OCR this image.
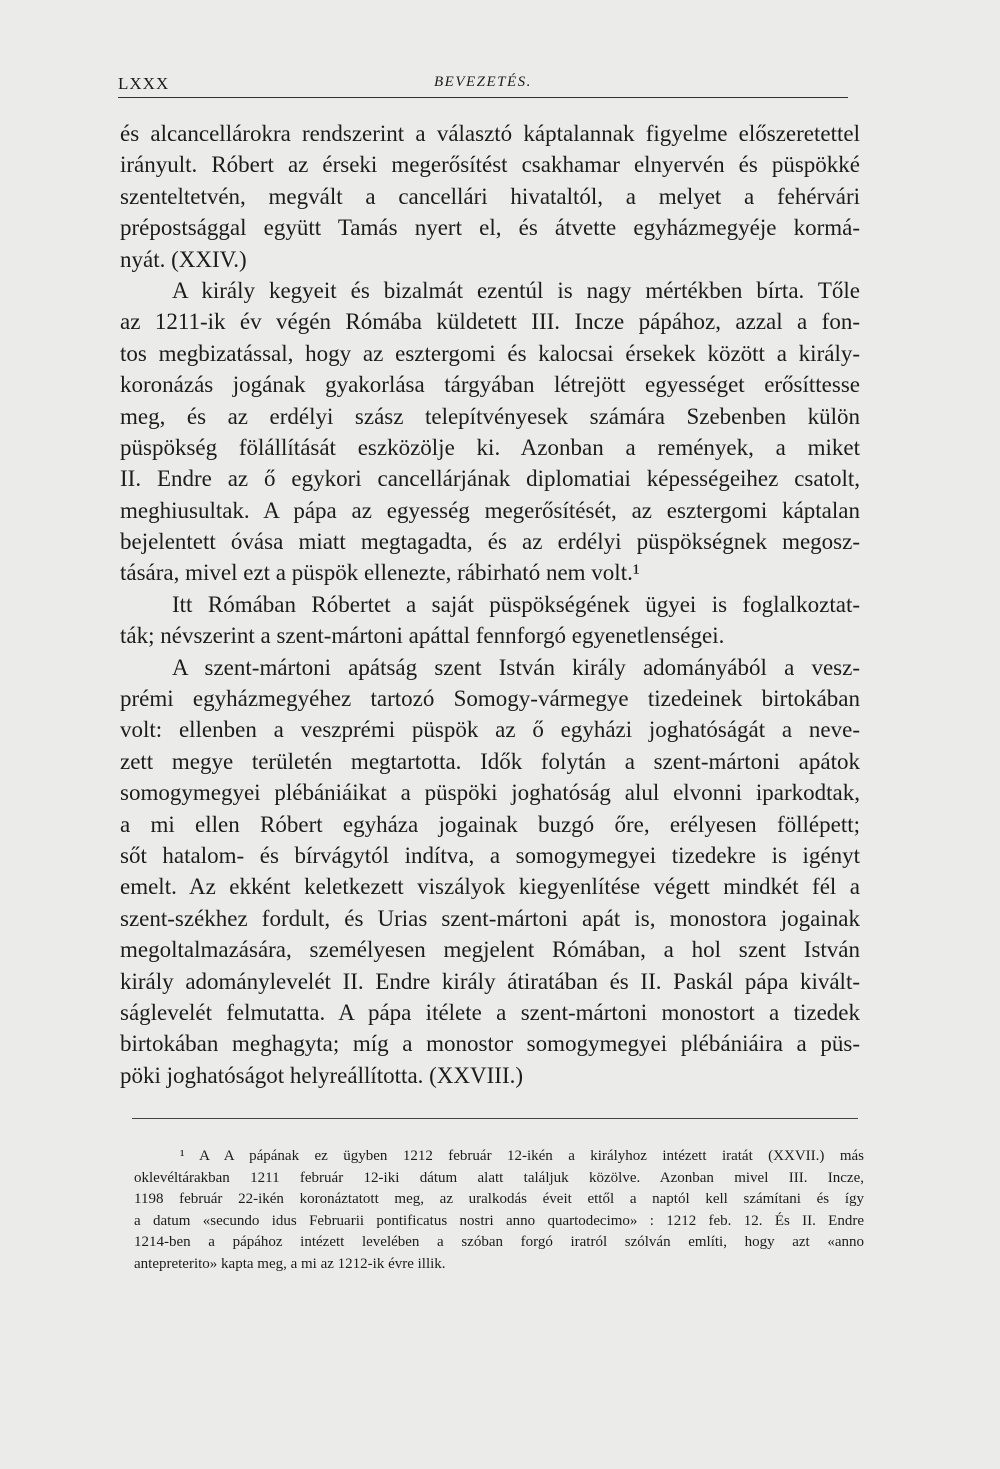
LXXX	BEVEZETÉS.
és alcancellárokra rendszerint a választó káptalannak figyelme előszeretettel
irányult. Róbert az érseki megerősítést csakhamar elnyervén és püspökké
szenteltetvén, megvált a cancellári hivataltól, a melyet a fehérvári
prépostsággal együtt Tamás nyert el, és átvette egyházmegyéje kormá-
nyát. (XXIV.)
A király kegyeit és bizalmát ezentúl is nagy mértékben bírta. Tőle
az 1211-ik év végén Rómába küldetett III. Incze pápához, azzal a fon-
tos megbizatással, hogy az esztergomi és kalocsai érsekek között a király-
koronázás jogának gyakorlása tárgyában létrejött egyességet erősíttesse
meg, és az erdélyi szász telepítvényesek számára Szebenben külön
püspökség fölállítását eszközölje ki. Azonban a remények, a miket
II. Endre az ő egykori cancellárjának diplomatiai képességeihez csatolt,
meghiusultak. A pápa az egyesség megerősítését, az esztergomi káptalan
bejelentett óvása miatt megtagadta, és az erdélyi püspökségnek megosz-
tására, mivel ezt a püspök ellenezte, rábirható nem volt.¹
Itt Rómában Róbertet a saját püspökségének ügyei is foglalkoztat-
ták; névszerint a szent-mártoni apáttal fennforgó egyenetlenségei.
A szent-mártoni apátság szent István király adományából a vesz-
prémi egyházmegyéhez tartozó Somogy-vármegye tizedeinek birtokában
volt: ellenben a veszprémi püspök az ő egyházi joghatóságát a neve-
zett megye területén megtartotta. Idők folytán a szent-mártoni apátok
somogymegyei plébániáikat a püspöki joghatóság alul elvonni iparkodtak,
a mi ellen Róbert egyháza jogainak buzgó őre, erélyesen föllépett;
sőt hatalom- és bírvágytól indítva, a somogymegyei tizedekre is igényt
emelt. Az ekként keletkezett viszályok kiegyenlítése végett mindkét fél a
szent-székhez fordult, és Urias szent-mártoni apát is, monostora jogainak
megoltalmazására, személyesen megjelent Rómában, a hol szent István
király adománylevelét II. Endre király átiratában és II. Paskál pápa kivált-
ságlevelét felmutatta. A pápa itélete a szent-mártoni monostort a tizedek
birtokában meghagyta; míg a monostor somogymegyei plébániáira a püs-
pöki joghatóságot helyreállította. (XXVIII.)
¹ A A pápának ez ügyben 1212 február 12-ikén a királyhoz intézett iratát (XXVII.) más
oklevéltárakban 1211 február 12-iki dátum alatt találjuk közölve. Azonban mivel III. Incze,
1198 február 22-ikén koronáztatott meg, az uralkodás éveit ettől a naptól kell számítani és így
a datum «secundo idus Februarii pontificatus nostri anno quartodecimo» : 1212 feb. 12. És II. Endre
1214-ben a pápához intézett levelében a szóban forgó iratról szólván említi, hogy azt «anno
antepreterito» kapta meg, a mi az 1212-ik évre illik.
